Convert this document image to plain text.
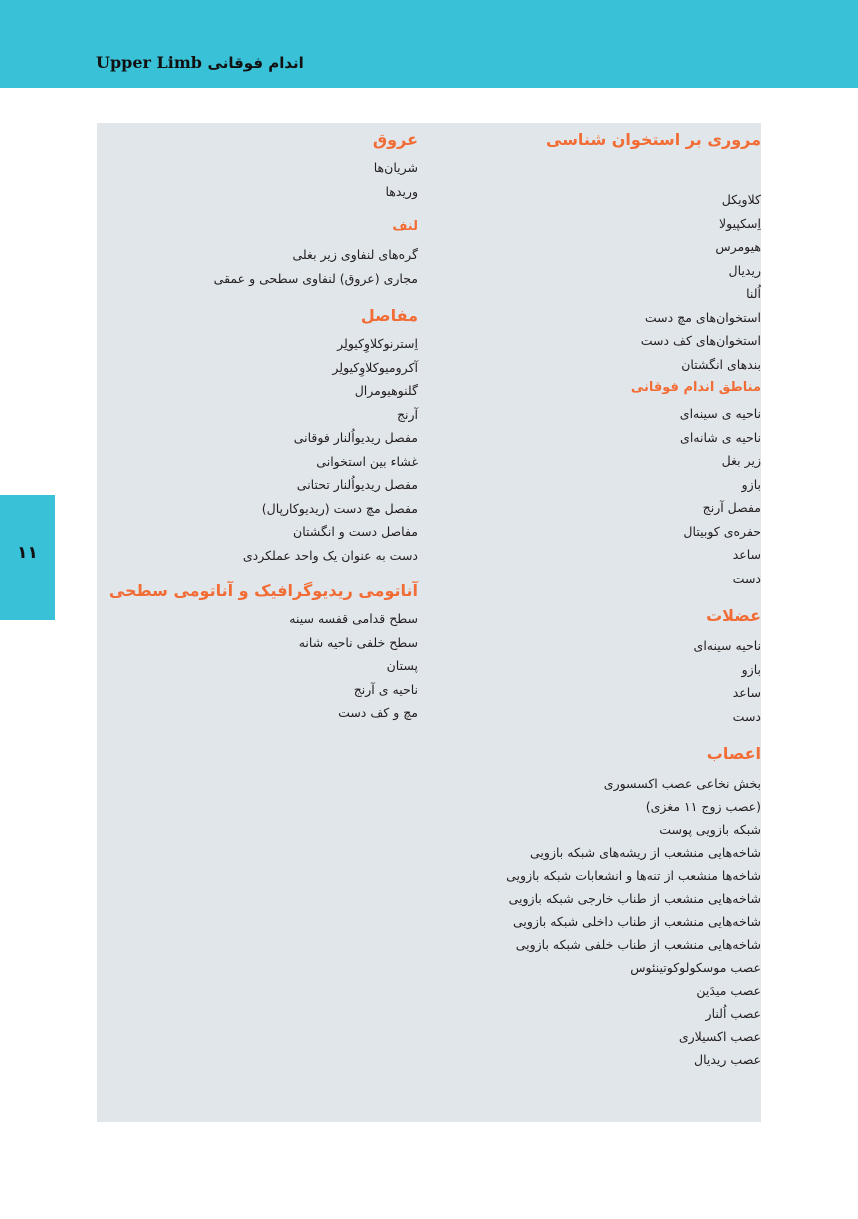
Upper Limb اندام فوقانی
۱۱
مروری بر استخوان شناسی
کلاویکل
اِسکپیولا
هیومرس
ریدیال
اُلنا
استخوان‌های مچ دست
استخوان‌های کف دست
بندهای انگشتان
مناطق اندام فوقانی
ناحیه ی سینه‌ای
ناحیه ی شانه‌ای
زیر بغل
بازو
مفصل آرنج
حفره‌ی کوبیتال
ساعد
دست
عضلات
ناحیه سینه‌ای
بازو
ساعد
دست
اعصاب
بخش نخاعی عصب اکسسوری
(عصب زوج ۱۱ مغزی)
شبکه بازویی پوست
شاخه‌هایی منشعب از ریشه‌های شبکه بازویی
شاخه‌ها منشعب از تنه‌ها و انشعابات شبکه بازویی
شاخه‌هایی منشعب از طناب خارجی شبکه بازویی
شاخه‌هایی منشعب از طناب داخلی شبکه بازویی
شاخه‌هایی منشعب از طناب خلفی شبکه بازویی
عصب موسکولوکوتینئوس
عصب میدَین
عصب اُلنار
عصب اکسیلاری
عصب ریدیال
عروق
شریان‌ها
وریدها
لنف
گره‌های لنفاوی زیر بغلی
مجاری (عروق) لنفاوی سطحی و عمقی
مفاصل
اِسترنوکلاوِکیولِر
آکرومیوکلاوِکیولِر
گلنوهیومرال
آرنج
مفصل ریدیواُلنار فوقانی
غشاء بین استخوانی
مفصل ریدیواُلنار تحتانی
مفصل مچ دست (ریدیوکارپال)
مفاصل دست و انگشتان
دست به عنوان یک واحد عملکردی
آناتومی ریدیوگرافیک و آناتومی سطحی
سطح قدامی قفسه سینه
سطح خلفی ناحیه شانه
پستان
ناحیه ی آرنج
مچ و کف دست
